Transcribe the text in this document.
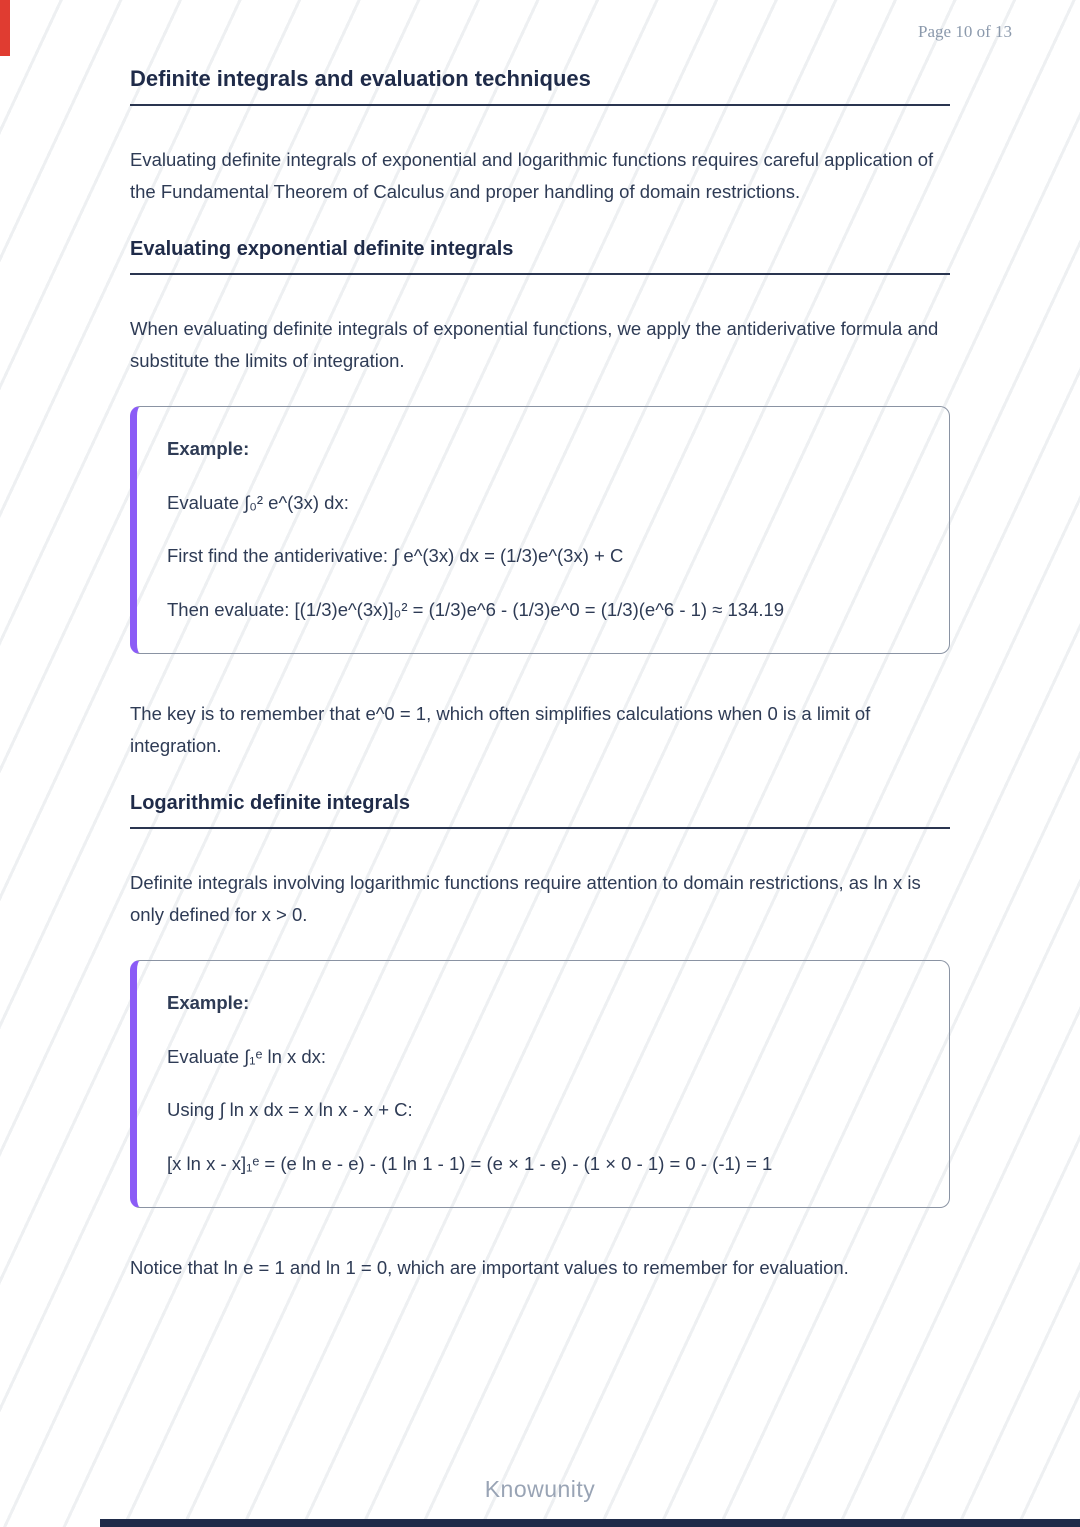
Page 10 of 13
Definite integrals and evaluation techniques

Evaluating definite integrals of exponential and logarithmic functions requires careful application of the Fundamental Theorem of Calculus and proper handling of domain restrictions.

Evaluating exponential definite integrals

When evaluating definite integrals of exponential functions, we apply the antiderivative formula and substitute the limits of integration.

Example:

Evaluate ∫₀² e^(3x) dx:

First find the antiderivative: ∫ e^(3x) dx = (1/3)e^(3x) + C

Then evaluate: [(1/3)e^(3x)]₀² = (1/3)e^6 - (1/3)e^0 = (1/3)(e^6 - 1) ≈ 134.19

The key is to remember that e^0 = 1, which often simplifies calculations when 0 is a limit of integration.

Logarithmic definite integrals

Definite integrals involving logarithmic functions require attention to domain restrictions, as ln x is only defined for x > 0.

Example:

Evaluate ∫₁ᵉ ln x dx:

Using ∫ ln x dx = x ln x - x + C:

[x ln x - x]₁ᵉ = (e ln e - e) - (1 ln 1 - 1) = (e × 1 - e) - (1 × 0 - 1) = 0 - (-1) = 1

Notice that ln e = 1 and ln 1 = 0, which are important values to remember for evaluation.

Knowunity
